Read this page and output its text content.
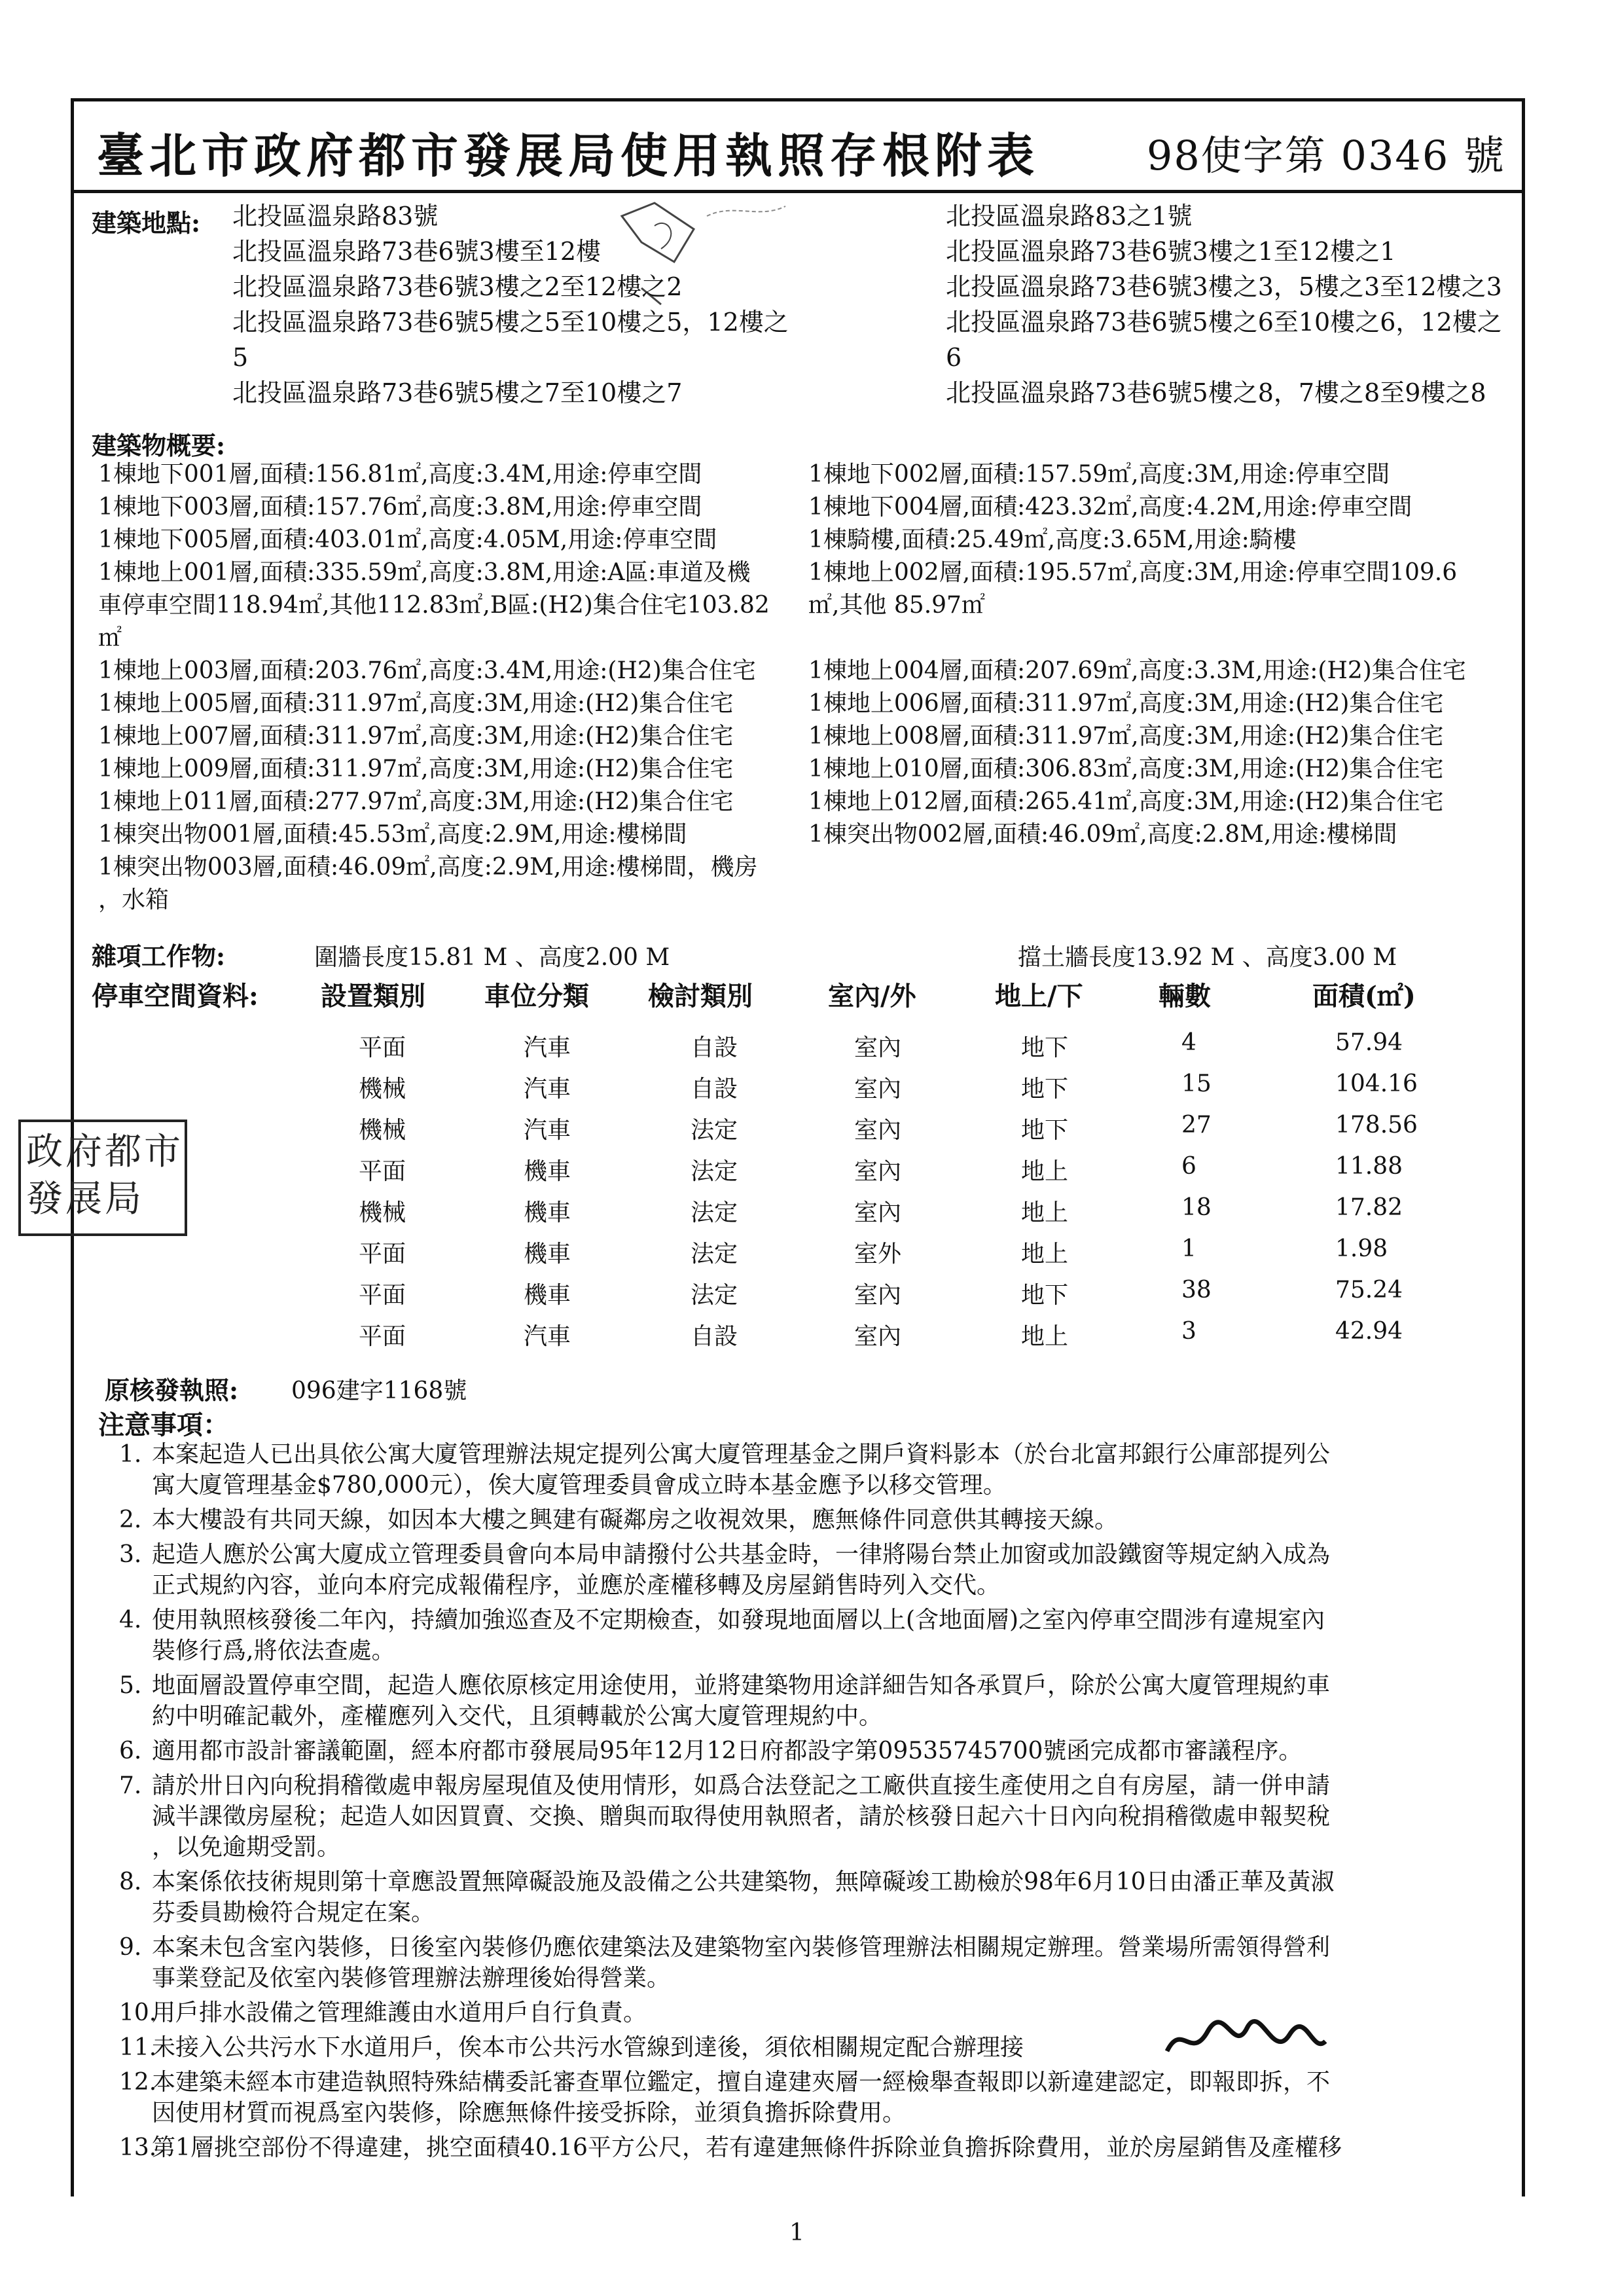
臺北市政府都市發展局使用執照存根附表	98使字第 0346 號
建築地點: 北投區溫泉路83號
北投區溫泉路73巷6號3樓至12樓
北投區溫泉路73巷6號3樓之2至12樓之2
北投區溫泉路73巷6號5樓之5至10樓之5，12樓之
5
北投區溫泉路73巷6號5樓之7至10樓之7
北投區溫泉路83之1號
北投區溫泉路73巷6號3樓之1至12樓之1
北投區溫泉路73巷6號3樓之3，5樓之3至12樓之3
北投區溫泉路73巷6號5樓之6至10樓之6，12樓之
6
北投區溫泉路73巷6號5樓之8，7樓之8至9樓之8
建築物概要:
1棟地下001層,面積:156.81㎡,高度:3.4M,用途:停車空間	1棟地下002層,面積:157.59㎡,高度:3M,用途:停車空間
1棟地下003層,面積:157.76㎡,高度:3.8M,用途:停車空間	1棟地下004層,面積:423.32㎡,高度:4.2M,用途:停車空間
1棟地下005層,面積:403.01㎡,高度:4.05M,用途:停車空間	1棟騎樓,面積:25.49㎡,高度:3.65M,用途:騎樓
1棟地上001層,面積:335.59㎡,高度:3.8M,用途:A區:車道及機	1棟地上002層,面積:195.57㎡,高度:3M,用途:停車空間109.6
車停車空間118.94㎡,其他112.83㎡,B區:(H2)集合住宅103.82	㎡,其他 85.97㎡
㎡
1棟地上003層,面積:203.76㎡,高度:3.4M,用途:(H2)集合住宅	1棟地上004層,面積:207.69㎡,高度:3.3M,用途:(H2)集合住宅
1棟地上005層,面積:311.97㎡,高度:3M,用途:(H2)集合住宅	1棟地上006層,面積:311.97㎡,高度:3M,用途:(H2)集合住宅
1棟地上007層,面積:311.97㎡,高度:3M,用途:(H2)集合住宅	1棟地上008層,面積:311.97㎡,高度:3M,用途:(H2)集合住宅
1棟地上009層,面積:311.97㎡,高度:3M,用途:(H2)集合住宅	1棟地上010層,面積:306.83㎡,高度:3M,用途:(H2)集合住宅
1棟地上011層,面積:277.97㎡,高度:3M,用途:(H2)集合住宅	1棟地上012層,面積:265.41㎡,高度:3M,用途:(H2)集合住宅
1棟突出物001層,面積:45.53㎡,高度:2.9M,用途:樓梯間	1棟突出物002層,面積:46.09㎡,高度:2.8M,用途:樓梯間
1棟突出物003層,面積:46.09㎡,高度:2.9M,用途:樓梯間，機房
，水箱
雜項工作物:	圍牆長度15.81 M 、高度2.00 M	擋土牆長度13.92 M 、高度3.00 M
停車空間資料: 設置類別 車位分類 檢討類別	室內/外	地上/下	輛數	面積(㎡)
平面	汽車	自設	室內	地下	4	57.94
機械	汽車	自設	室內	地下	15	104.16
機械	汽車	法定	室內	地下	27	178.56
平面	機車	法定	室內	地上	6	11.88
機械	機車	法定	室內	地上	18	17.82
平面	機車	法定	室外	地上	1	1.98
平面	機車	法定	室內	地下	38	75.24
平面	汽車	自設	室內	地上	3	42.94
政府都市
發展局
原核發執照: 096建字1168號
注意事項：
1. 本案起造人已出具依公寓大廈管理辦法規定提列公寓大廈管理基金之開戶資料影本（於台北富邦銀行公庫部提列公
寓大廈管理基金$780,000元），俟大廈管理委員會成立時本基金應予以移交管理。
2. 本大樓設有共同天線，如因本大樓之興建有礙鄰房之收視效果，應無條件同意供其轉接天線。
3. 起造人應於公寓大廈成立管理委員會向本局申請撥付公共基金時，一律將陽台禁止加窗或加設鐵窗等規定納入成為
正式規約內容，並向本府完成報備程序，並應於產權移轉及房屋銷售時列入交代。
4. 使用執照核發後二年內，持續加強巡查及不定期檢查，如發現地面層以上(含地面層)之室內停車空間涉有違規室內
裝修行爲,將依法查處。
5. 地面層設置停車空間，起造人應依原核定用途使用，並將建築物用途詳細告知各承買戶，除於公寓大廈管理規約車
約中明確記載外，產權應列入交代，且須轉載於公寓大廈管理規約中。
6. 適用都市設計審議範圍，經本府都市發展局95年12月12日府都設字第09535745700號函完成都市審議程序。
7. 請於卅日內向稅捐稽徵處申報房屋現值及使用情形，如爲合法登記之工廠供直接生產使用之自有房屋，請一併申請
減半課徵房屋稅；起造人如因買賣、交換、贈與而取得使用執照者，請於核發日起六十日內向稅捐稽徵處申報契稅
，以免逾期受罰。
8. 本案係依技術規則第十章應設置無障礙設施及設備之公共建築物，無障礙竣工勘檢於98年6月10日由潘正華及黃淑
芬委員勘檢符合規定在案。
9. 本案未包含室內裝修，日後室內裝修仍應依建築法及建築物室內裝修管理辦法相關規定辦理。營業場所需領得營利
事業登記及依室內裝修管理辦法辦理後始得營業。
10.
用戶排水設備之管理維護由水道用戶自行負責。
11.
未接入公共污水下水道用戶，俟本市公共污水管線到達後，須依相關規定配合辦理接
12.
本建築未經本市建造執照特殊結構委託審查單位鑑定，擅自違建夾層一經檢舉查報即以新違建認定，即報即拆，不
因使用材質而視爲室內裝修，除應無條件接受拆除，並須負擔拆除費用。
13.
第1層挑空部份不得違建，挑空面積40.16平方公尺，若有違建無條件拆除並負擔拆除費用，並於房屋銷售及產權移
1
